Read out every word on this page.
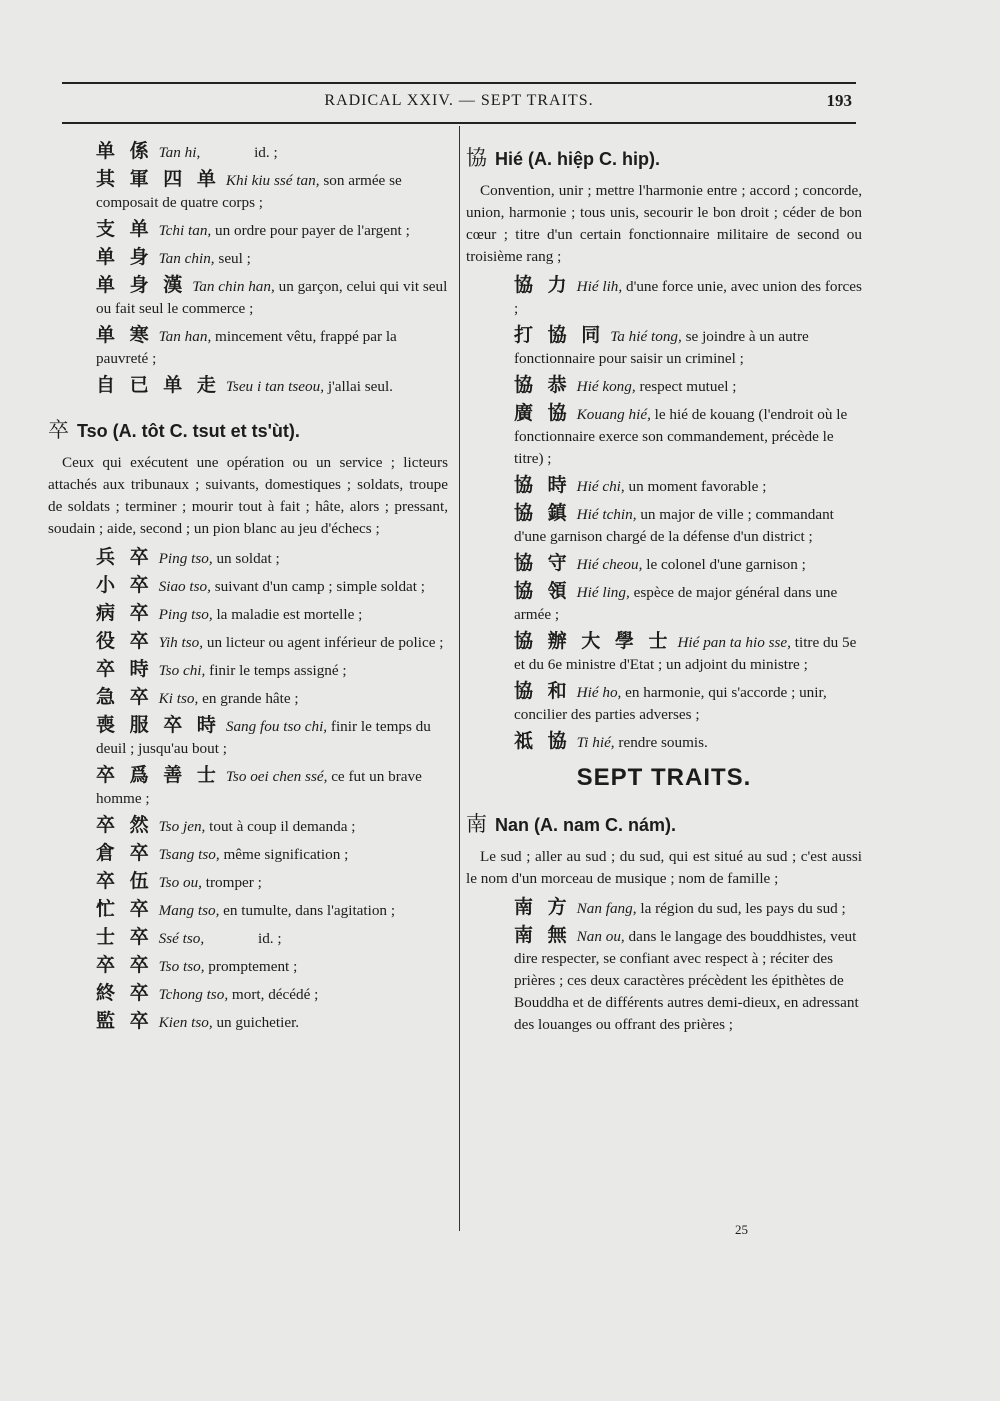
RADICAL XXIV. — SEPT TRAITS.	193
单 係 Tan hi,	id. ;
其 軍 四 单 Khi kiu ssé tan, son armée se composait de quatre corps ;
支 单 Tchi tan, un ordre pour payer de l'argent ;
单 身 Tan chin, seul ;
单 身 漢 Tan chin han, un garçon, celui qui vit seul ou fait seul le commerce ;
单 寒 Tan han, mincement vêtu, frappé par la pauvreté ;
自 已 单 走 Tseu i tan tseou, j'allai seul.
卒 Tso (A. tôt C. tsut et ts'ùt).
Ceux qui exécutent une opération ou un service ; licteurs attachés aux tribunaux ; suivants, domestiques ; soldats, troupe de soldats ; terminer ; mourir tout à fait ; hâte, alors ; pressant, soudain ; aide, second ; un pion blanc au jeu d'échecs ;
兵 卒 Ping tso, un soldat ;
小 卒 Siao tso, suivant d'un camp ; simple soldat ;
病 卒 Ping tso, la maladie est mortelle ;
役 卒 Yih tso, un licteur ou agent inférieur de police ;
卒 時 Tso chi, finir le temps assigné ;
急 卒 Ki tso, en grande hâte ;
喪 服 卒 時 Sang fou tso chi, finir le temps du deuil ; jusqu'au bout ;
卒 爲 善 士 Tso oei chen ssé, ce fut un brave homme ;
卒 然 Tso jen, tout à coup il demanda ;
倉 卒 Tsang tso, même signification ;
卒 伍 Tso ou, tromper ;
忙 卒 Mang tso, en tumulte, dans l'agitation ;
士 卒 Ssé tso,	id. ;
卒 卒 Tso tso, promptement ;
終 卒 Tchong tso, mort, décédé ;
監 卒 Kien tso, un guichetier.
協 Hié (A. hiệp C. hip).
Convention, unir ; mettre l'harmonie entre ; accord ; concorde, union, harmonie ; tous unis, secourir le bon droit ; céder de bon cœur ; titre d'un certain fonctionnaire militaire de second ou troisième rang ;
協 力 Hié lih, d'une force unie, avec union des forces ;
打 協 同 Ta hié tong, se joindre à un autre fonctionnaire pour saisir un criminel ;
協 恭 Hié kong, respect mutuel ;
廣 協 Kouang hié, le hié de kouang (l'endroit où le fonctionnaire exerce son commandement, précède le titre) ;
協 時 Hié chi, un moment favorable ;
協 鎮 Hié tchin, un major de ville ; commandant d'une garnison chargé de la défense d'un district ;
協 守 Hié cheou, le colonel d'une garnison ;
協 領 Hié ling, espèce de major général dans une armée ;
協 辦 大 學 士 Hié pan ta hio sse, titre du 5e et du 6e ministre d'Etat ; un adjoint du ministre ;
協 和 Hié ho, en harmonie, qui s'accorde ; unir, concilier des parties adverses ;
祗 協 Ti hié, rendre soumis.
SEPT TRAITS.
南 Nan (A. nam C. nám).
Le sud ; aller au sud ; du sud, qui est situé au sud ; c'est aussi le nom d'un morceau de musique ; nom de famille ;
南 方 Nan fang, la région du sud, les pays du sud ;
南 無 Nan ou, dans le langage des bouddhistes, veut dire respecter, se confiant avec respect à ; réciter des prières ; ces deux caractères précèdent les épithètes de Bouddha et de différents autres demi-dieux, en adressant des louanges ou offrant des prières ;
25
